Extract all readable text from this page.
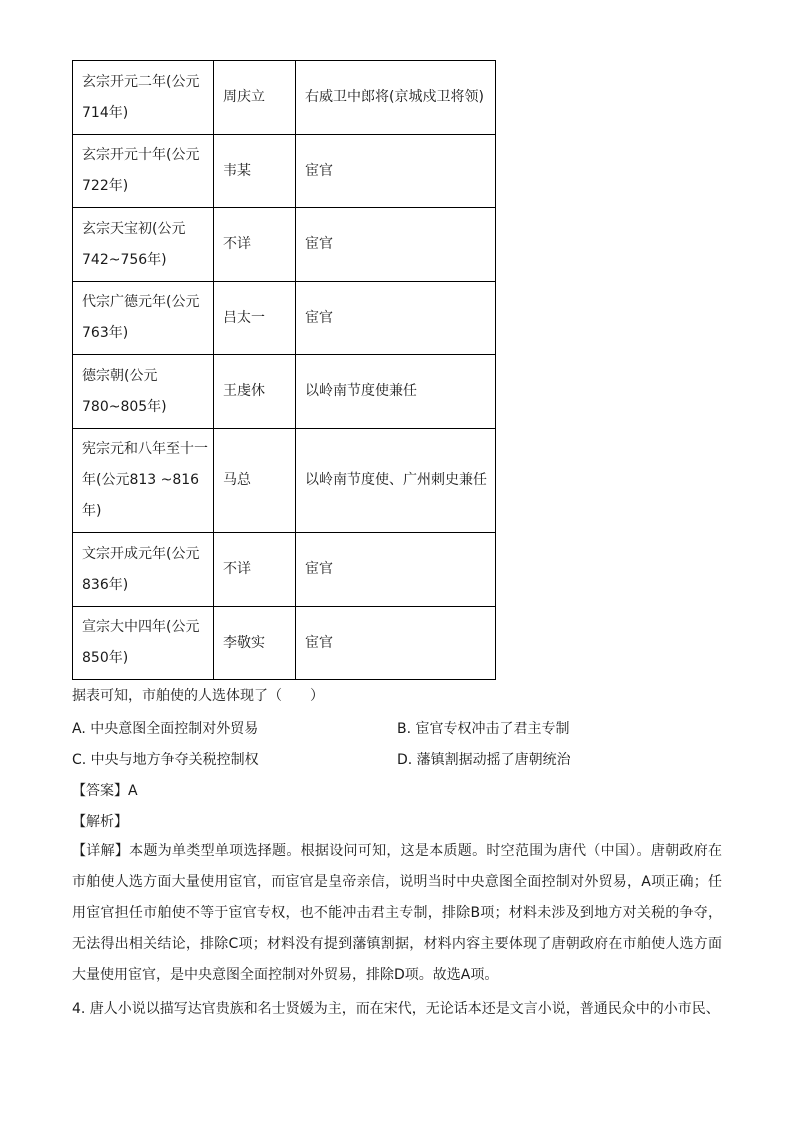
玄宗开元二年(公元714年)	周庆立	右威卫中郎将(京城戍卫将领)
玄宗开元十年(公元722年)	韦某	宦官
玄宗天宝初(公元742~756年)	不详	宦官
代宗广德元年(公元763年)	吕太一	宦官
德宗朝(公元 780~805年)	王虔休	以岭南节度使兼任
宪宗元和八年至十一年(公元813 ~816年)	马总	以岭南节度使、广州刺史兼任
文宗开成元年(公元836年)	不详	宦官
宣宗大中四年(公元850年)	李敬实	宦官
据表可知，市舶使的人选体现了（　　）
A. 中央意图全面控制对外贸易	B. 宦官专权冲击了君主专制
C. 中央与地方争夺关税控制权	D. 藩镇割据动摇了唐朝统治
【答案】A
【解析】
【详解】本题为单类型单项选择题。根据设问可知，这是本质题。时空范围为唐代（中国）。唐朝政府在市舶使人选方面大量使用宦官，而宦官是皇帝亲信，说明当时中央意图全面控制对外贸易，A项正确；任用宦官担任市舶使不等于宦官专权，也不能冲击君主专制，排除B项；材料未涉及到地方对关税的争夺，无法得出相关结论，排除C项；材料没有提到藩镇割据，材料内容主要体现了唐朝政府在市舶使人选方面大量使用宦官，是中央意图全面控制对外贸易，排除D项。故选A项。
4. 唐人小说以描写达官贵族和名士贤媛为主，而在宋代，无论话本还是文言小说，普通民众中的小市民、
